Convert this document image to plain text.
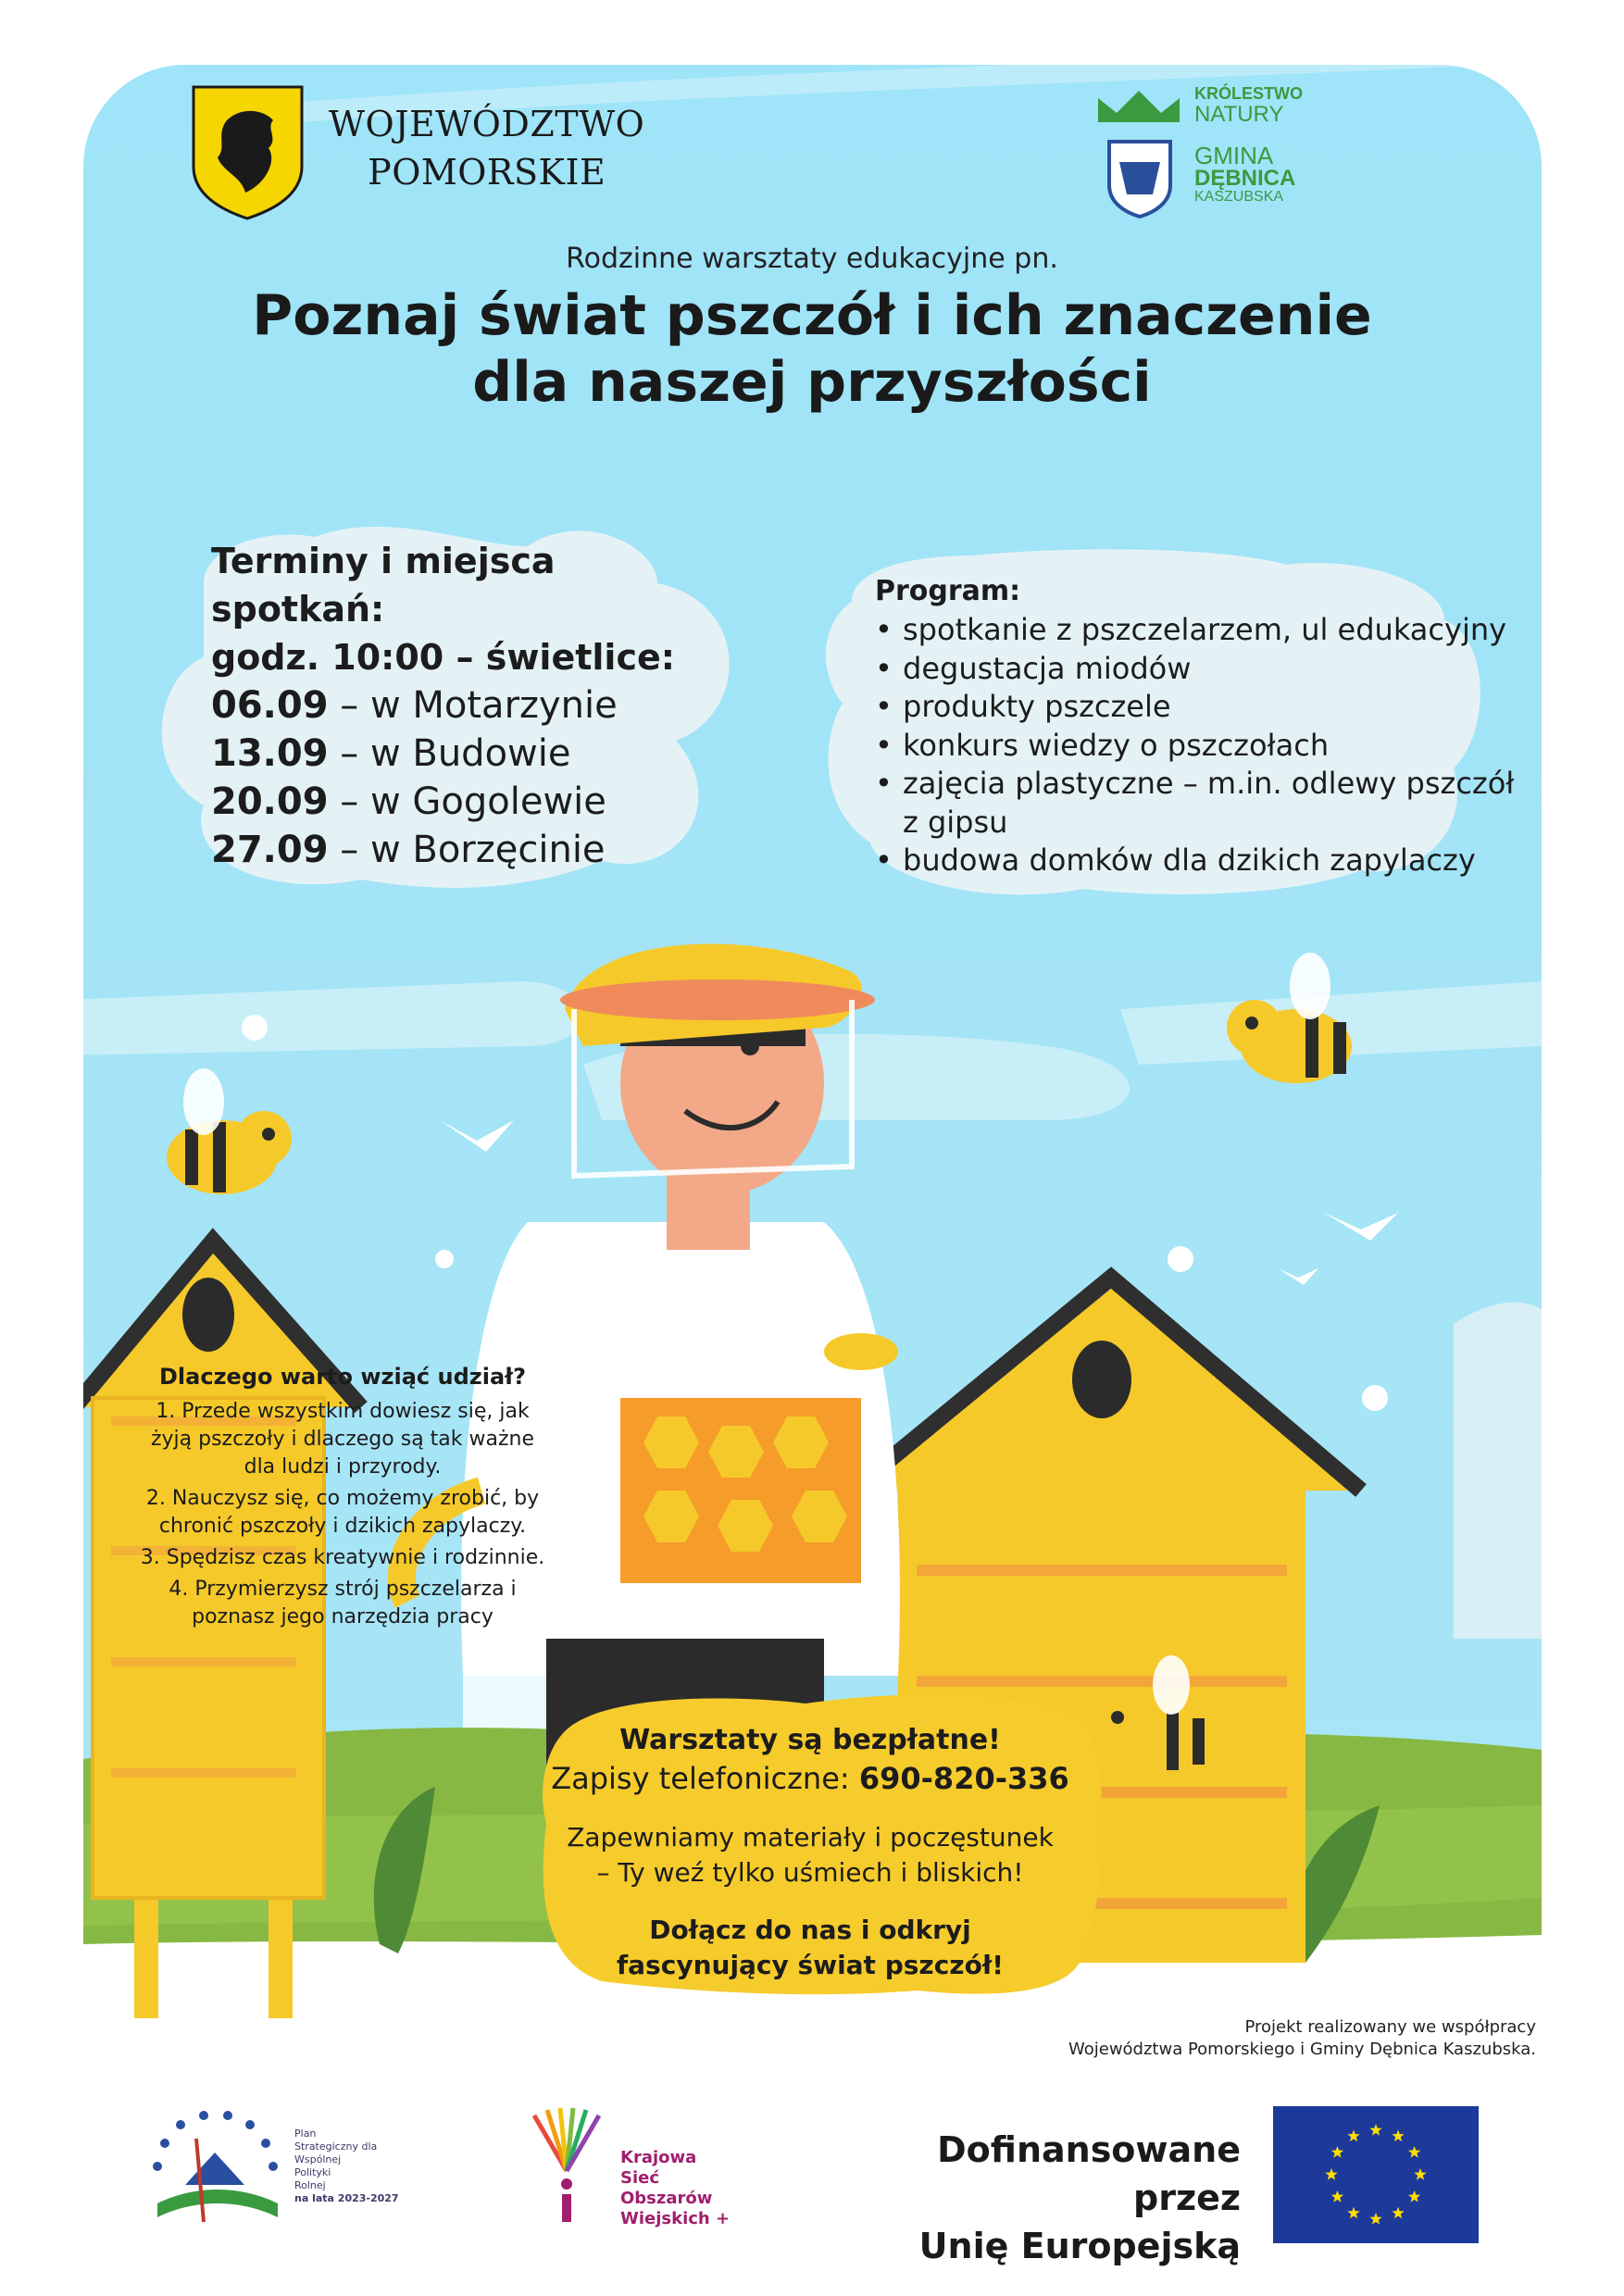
WOJEWÓDZTWO
POMORSKIE
KRÓLESTWO
NATURY
GMINA
DĘBNICA
KASZUBSKA
Rodzinne warsztaty edukacyjne pn.
Poznaj świat pszczół i ich znaczenie
dla naszej przyszłości
Terminy i miejsca spotkań:
godz. 10:00 – świetlice:
06.09 – w Motarzynie
13.09 – w Budowie
20.09 – w Gogolewie
27.09 – w Borzęcinie
Program:
• spotkanie z pszczelarzem, ul edukacyjny
• degustacja miodów
• produkty pszczele
• konkurs wiedzy o pszczołach
• zajęcia plastyczne – m.in. odlewy pszczół z gipsu
• budowa domków dla dzikich zapylaczy
Dlaczego warto wziąć udział?
1. Przede wszystkim dowiesz się, jak żyją pszczoły i dlaczego są tak ważne dla ludzi i przyrody.
2. Nauczysz się, co możemy zrobić, by chronić pszczoły i dzikich zapylaczy.
3. Spędzisz czas kreatywnie i rodzinnie.
4. Przymierzysz strój pszczelarza i poznasz jego narzędzia pracy
Warsztaty są bezpłatne!
Zapisy telefoniczne: 690-820-336
Zapewniamy materiały i poczęstunek
– Ty weź tylko uśmiech i bliskich!
Dołącz do nas i odkryj
fascynujący świat pszczół!
Projekt realizowany we współpracy
Województwa Pomorskiego i Gminy Dębnica Kaszubska.
Plan
Strategiczny dla
Wspólnej
Polityki
Rolnej
na lata 2023-2027
Krajowa
Sieć
Obszarów
Wiejskich +
Dofinansowane przez
Unię Europejską
